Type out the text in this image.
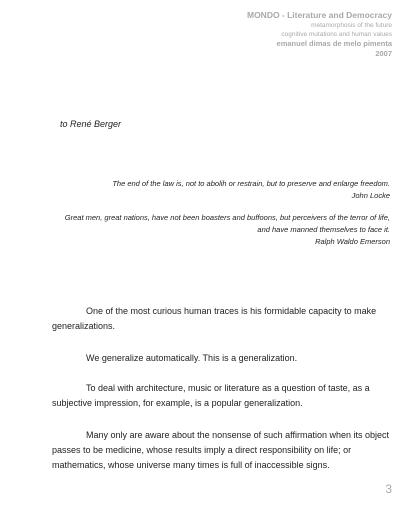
MONDO - Literature and Democracy
metamorphosis of the future
cognitive mutations and human values
emanuel dimas de melo pimenta
2007
to René Berger
The end of the law is, not to abolih or restrain, but to preserve and enlarge freedom.
John Locke
Great men, great nations, have not been boasters and buffoons, but perceivers of the terror of life, and have manned themselves to face it.
Ralph Waldo Emerson
One of the most curious human traces is his formidable capacity to make generalizations.
We generalize automatically. This is a generalization.
To deal with architecture, music or literature as a question of taste, as a subjective impression, for example, is a popular generalization.
Many only are aware about the nonsense of such affirmation when its object passes to be medicine, whose results imply a direct responsibility on life; or mathematics, whose universe many times is full of inaccessible signs.
3
